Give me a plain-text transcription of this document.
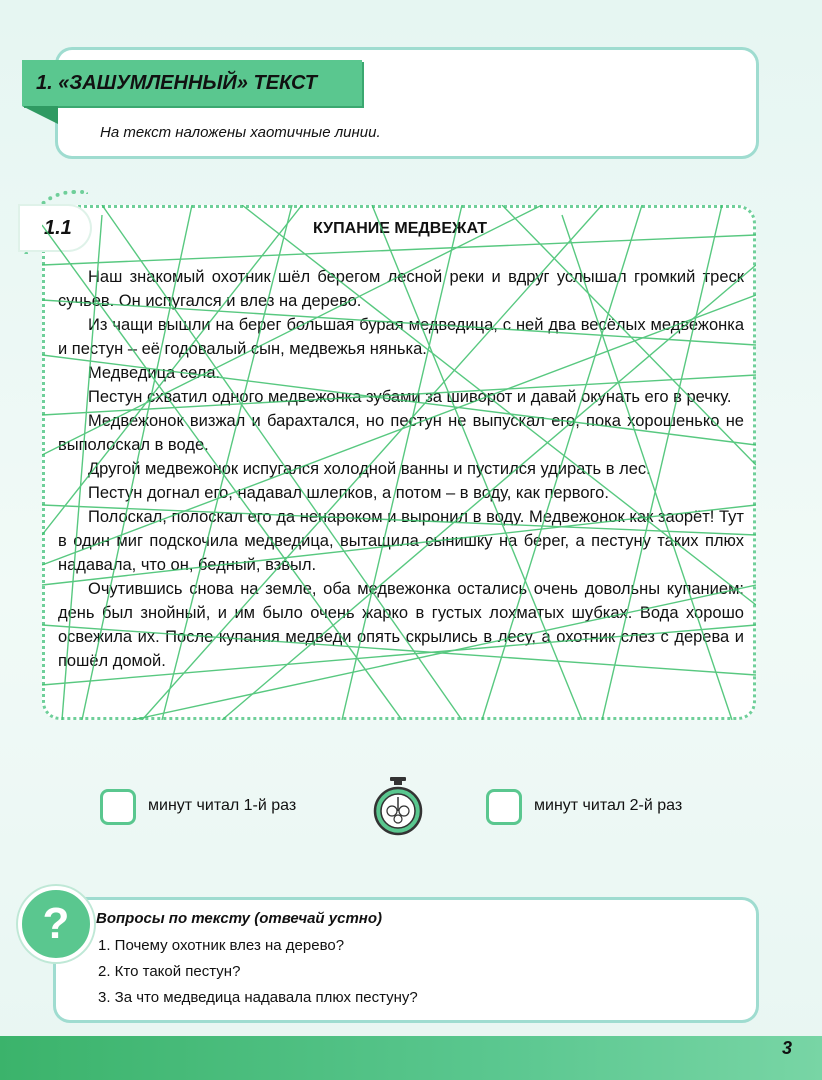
1. «ЗАШУМЛЕННЫЙ» ТЕКСТ
На текст наложены хаотичные линии.
1.1	КУПАНИЕ МЕДВЕЖАТ

Наш знакомый охотник шёл берегом лесной реки и вдруг услышал громкий треск сучьев. Он испугался и влез на дерево.

Из чащи вышли на берег большая бурая медведица, с ней два весёлых медвежонка и пестун – её годовалый сын, медвежья нянька.

Медведица села.

Пестун схватил одного медвежонка зубами за шиворот и давай окунать его в речку.

Медвежонок визжал и барахтался, но пестун не выпускал его, пока хорошенько не выполоскал в воде.

Другой медвежонок испугался холодной ванны и пустился удирать в лес.

Пестун догнал его, надавал шлепков, а потом – в воду, как первого.

Полоскал, полоскал его да ненароком и выронил в воду. Медвежонок как заорёт! Тут в один миг подскочила медведица, вытащила сынишку на берег, а пестуну таких плюх надавала, что он, бедный, взвыл.

Очутившись снова на земле, оба медвежонка остались очень довольны купанием: день был знойный, и им было очень жарко в густых лохматых шубках. Вода хорошо освежила их. После купания медведи опять скрылись в лесу, а охотник слез с дерева и пошёл домой.

минут читал 1-й раз	минут читал 2-й раз
?	Вопросы по тексту (отвечай устно)
1. Почему охотник влез на дерево?
2. Кто такой пестун?
3. За что медведица надавала плюх пестуну?
3
